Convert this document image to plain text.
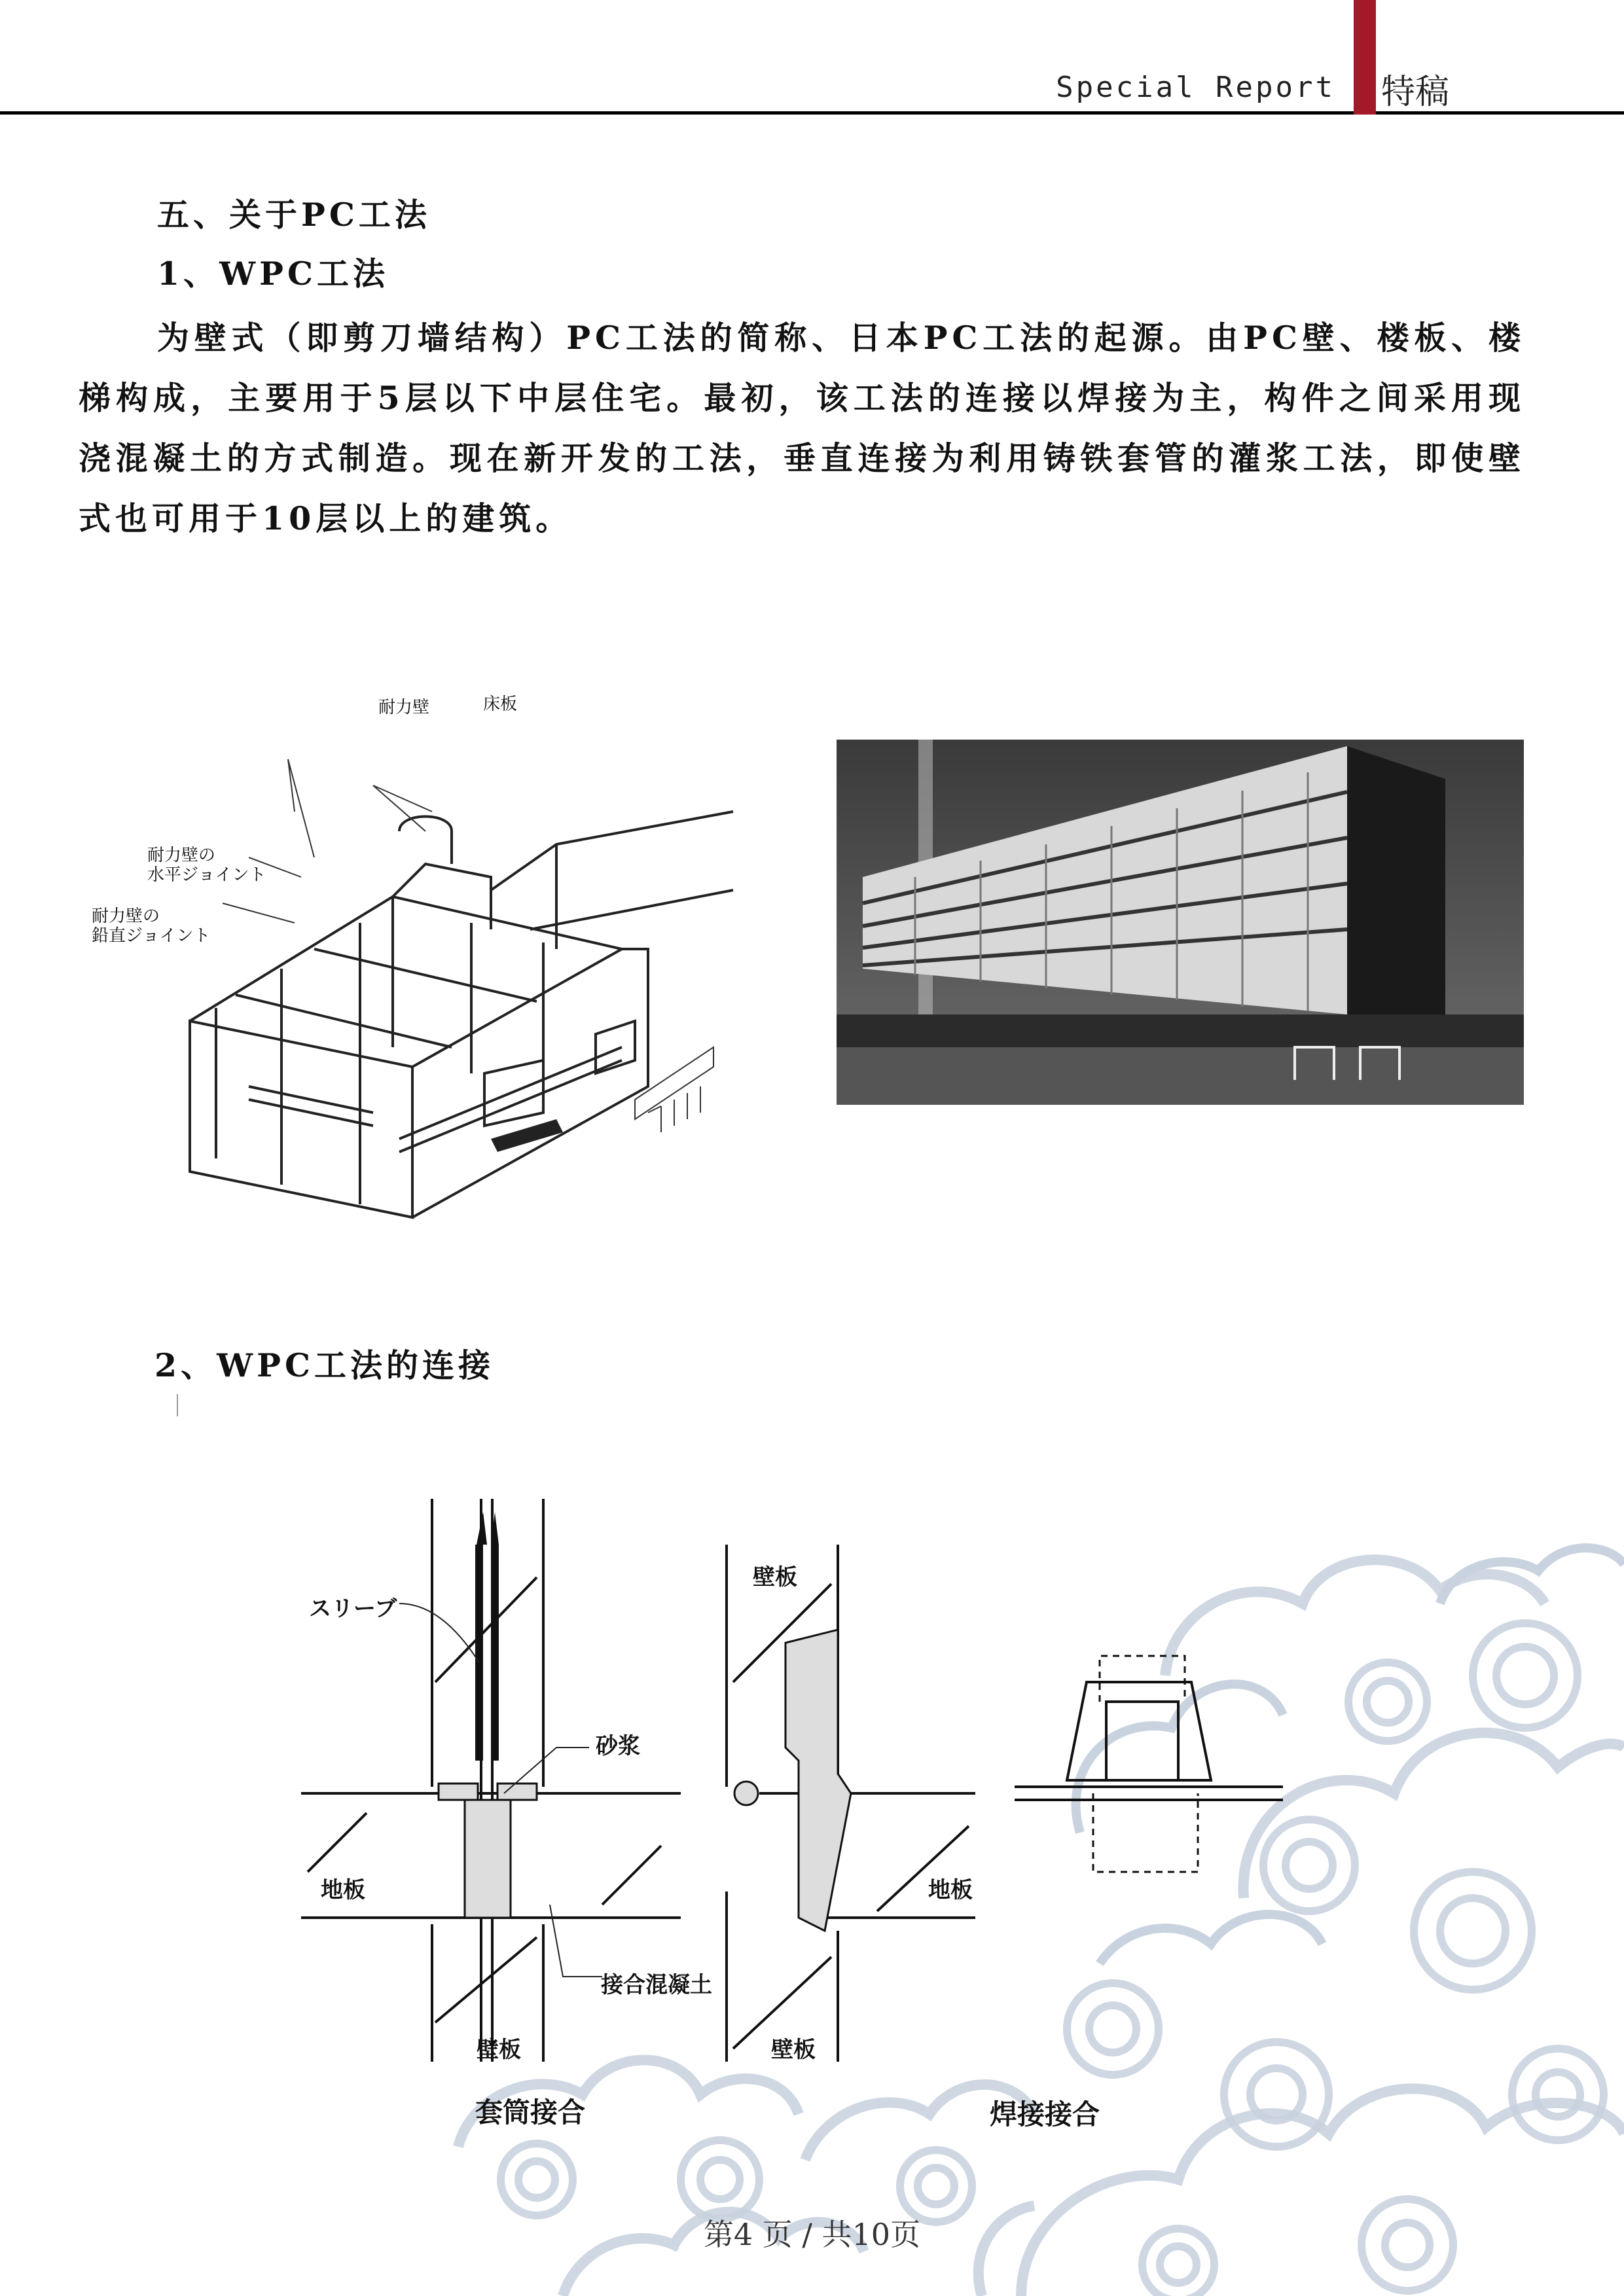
Special Report 特稿
五、关于PC工法
1、WPC工法
为壁式（即剪刀墙结构）PC工法的简称、日本PC工法的起源。由PC壁、楼板、楼梯构成，主要用于5层以下中层住宅。最初，该工法的连接以焊接为主，构件之间采用现浇混凝土的方式制造。现在新开发的工法，垂直连接为利用铸铁套管的灌浆工法，即使壁式也可用于10层以上的建筑。
耐力壁	床板
耐力壁の
水平ジョイント
耐力壁の
鉛直ジョイント
2、WPC工法的连接
スリーブ
砂浆
地板
接合混凝土
壁板
套筒接合
壁板
地板
壁板
焊接接合
第4 页 / 共10页
